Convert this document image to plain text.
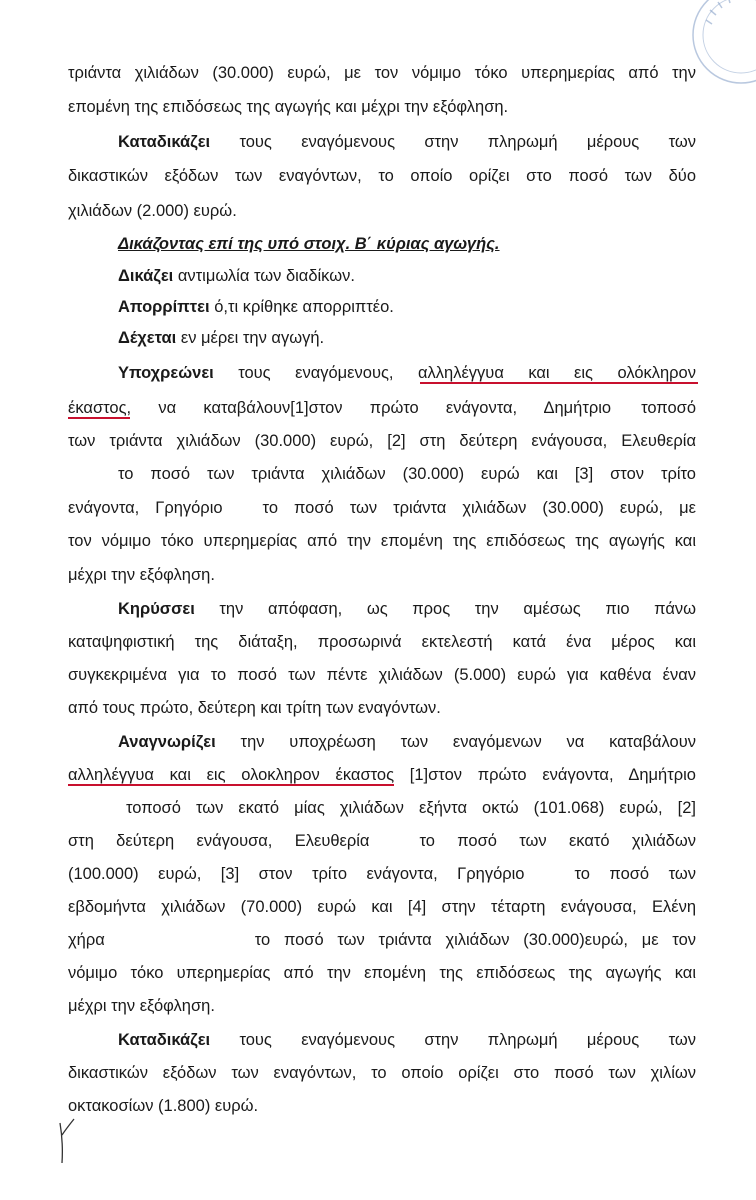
τριάντα χιλιάδων (30.000) ευρώ, με τον νόμιμο τόκο υπερημερίας από την
επομένη της επιδόσεως της αγωγής και μέχρι την εξόφληση.
Καταδικάζει τους εναγόμενους στην πληρωμή μέρους των
δικαστικών εξόδων των εναγόντων, το οποίο ορίζει στο ποσό των δύο
χιλιάδων (2.000) ευρώ.
Δικάζοντας επί της υπό στοιχ. Β΄ κύριας αγωγής.
Δικάζει αντιμωλία των διαδίκων.
Απορρίπτει ό,τι κρίθηκε απορριπτέο.
Δέχεται εν μέρει την αγωγή.
Υποχρεώνει τους εναγόμενους, αλληλέγγυα και εις ολόκληρον
έκαστος, να καταβάλουν[1]στον πρώτο ενάγοντα, Δημήτριο τοποσό
των τριάντα χιλιάδων (30.000) ευρώ, [2] στη δεύτερη ενάγουσα, Ελευθερία
το ποσό των τριάντα χιλιάδων (30.000) ευρώ και [3] στον τρίτο
ενάγοντα, Γρηγόριο το ποσό των τριάντα χιλιάδων (30.000) ευρώ, με
τον νόμιμο τόκο υπερημερίας από την επομένη της επιδόσεως της αγωγής και
μέχρι την εξόφληση.
Κηρύσσει την απόφαση, ως προς την αμέσως πιο πάνω
καταψηφιστική της διάταξη, προσωρινά εκτελεστή κατά ένα μέρος και
συγκεκριμένα για το ποσό των πέντε χιλιάδων (5.000) ευρώ για καθένα έναν
από τους πρώτο, δεύτερη και τρίτη των εναγόντων.
Αναγνωρίζει την υποχρέωση των εναγόμενων να καταβάλουν
αλληλέγγυα και εις ολοκληρον έκαστος [1]στον πρώτο ενάγοντα, Δημήτριο
τοποσό των εκατό μίας χιλιάδων εξήντα οκτώ (101.068) ευρώ, [2]
στη δεύτερη ενάγουσα, Ελευθερία	το ποσό των εκατό χιλιάδων
(100.000) ευρώ, [3] στον τρίτο ενάγοντα, Γρηγόριο	το ποσό των
εβδομήντα χιλιάδων (70.000) ευρώ και [4] στην τέταρτη ενάγουσα, Ελένη
χήρα	το ποσό των τριάντα χιλιάδων (30.000)ευρώ, με τον
νόμιμο τόκο υπερημερίας από την επομένη της επιδόσεως της αγωγής και
μέχρι την εξόφληση.
Καταδικάζει τους εναγόμενους στην πληρωμή μέρους των
δικαστικών εξόδων των εναγόντων, το οποίο ορίζει στο ποσό των χιλίων
οκτακοσίων (1.800) ευρώ.
